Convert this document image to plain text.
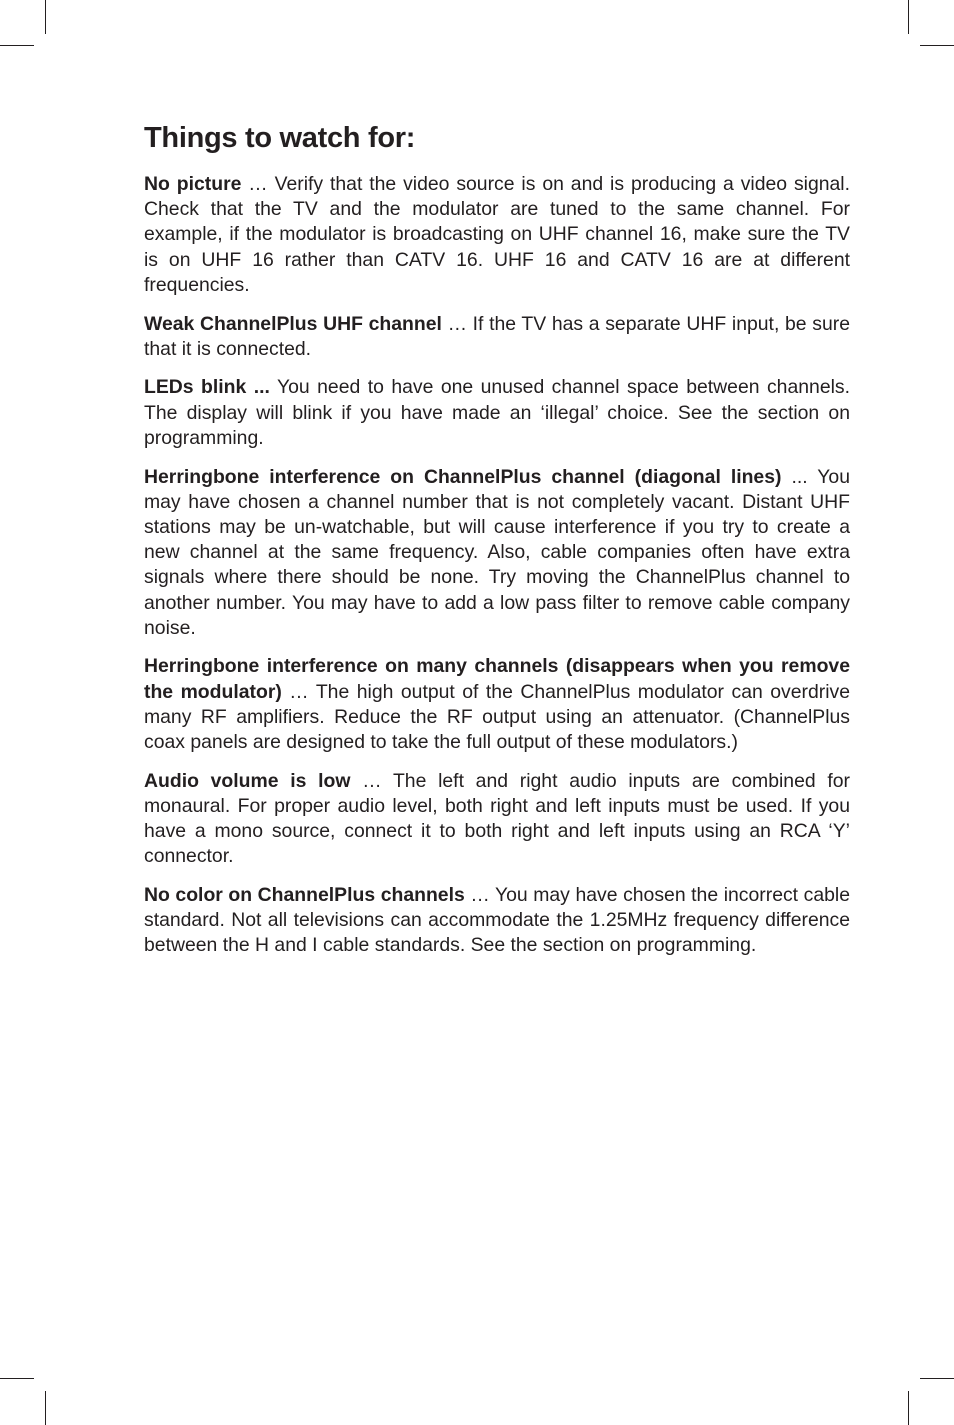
Things to watch for:

No picture … Verify that the video source is on and is producing a video signal. Check that the TV and the modulator are tuned to the same channel. For example, if the modulator is broadcasting on UHF channel 16, make sure the TV is on UHF 16 rather than CATV 16. UHF 16 and CATV 16 are at different frequencies.

Weak ChannelPlus UHF channel … If the TV has a separate UHF input, be sure that it is connected.

LEDs blink ... You need to have one unused channel space between channels. The display will blink if you have made an ‘illegal’ choice. See the section on programming.

Herringbone interference on ChannelPlus channel (diagonal lines) ... You may have chosen a channel number that is not completely vacant. Distant UHF stations may be un-watchable, but will cause interference if you try to create a new channel at the same frequency. Also, cable companies often have extra signals where there should be none. Try moving the ChannelPlus channel to another number. You may have to add a low pass filter to remove cable company noise.

Herringbone interference on many channels (disappears when you remove the modulator) … The high output of the ChannelPlus modulator can overdrive many RF amplifiers. Reduce the RF output using an attenuator. (ChannelPlus coax panels are designed to take the full output of these modulators.)

Audio volume is low … The left and right audio inputs are combined for monaural. For proper audio level, both right and left inputs must be used. If you have a mono source, connect it to both right and left inputs using an RCA ‘Y’ connector.

No color on ChannelPlus channels … You may have chosen the incorrect cable standard. Not all televisions can accommodate the 1.25MHz frequency difference between the H and I cable standards. See the section on programming.
